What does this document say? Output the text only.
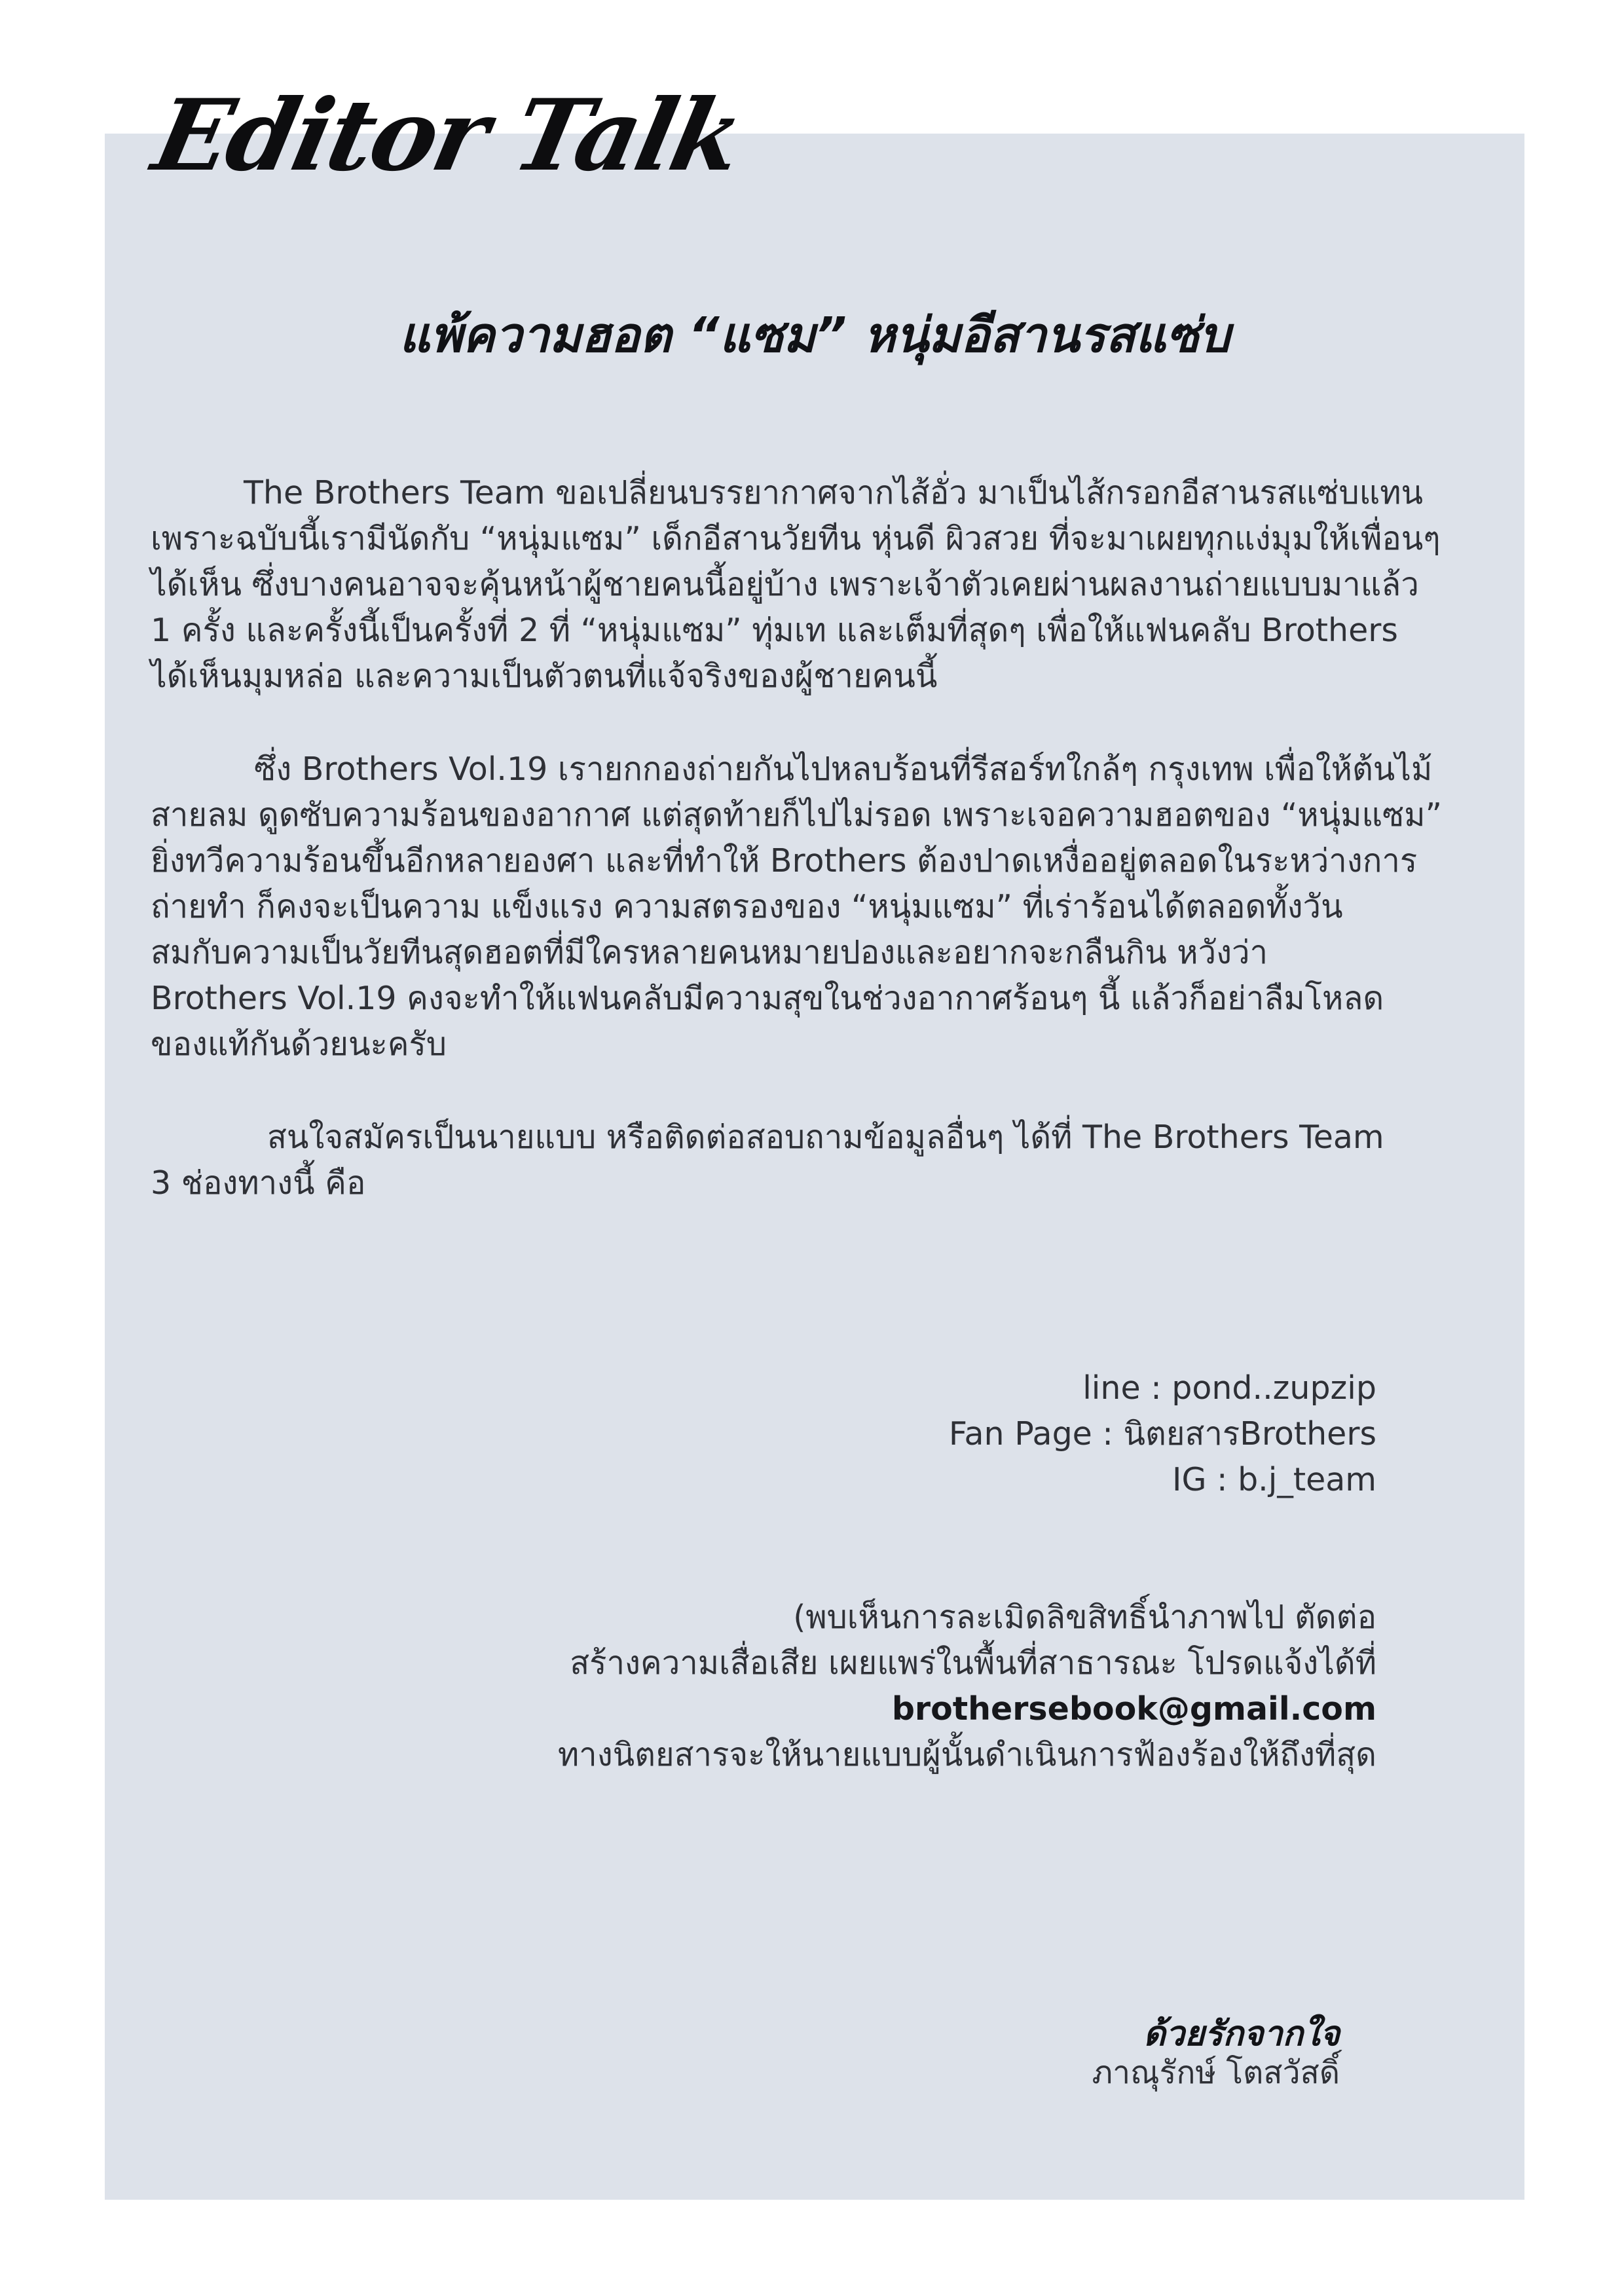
Editor Talk
แพ้ความฮอต “แซม” หนุ่มอีสานรสแซ่บ
The Brothers Team ขอเปลี่ยนบรรยากาศจากไส้อั่ว มาเป็นไส้กรอกอีสานรสแซ่บแทน
เพราะฉบับนี้เรามีนัดกับ “หนุ่มแซม” เด็กอีสานวัยทีน หุ่นดี ผิวสวย ที่จะมาเผยทุกแง่มุมให้เพื่อนๆ
ได้เห็น ซึ่งบางคนอาจจะคุ้นหน้าผู้ชายคนนี้อยู่บ้าง เพราะเจ้าตัวเคยผ่านผลงานถ่ายแบบมาแล้ว
1 ครั้ง และครั้งนี้เป็นครั้งที่ 2 ที่ “หนุ่มแซม” ทุ่มเท และเต็มที่สุดๆ เพื่อให้แฟนคลับ Brothers
ได้เห็นมุมหล่อ และความเป็นตัวตนที่แจ้จริงของผู้ชายคนนี้
ซึ่ง Brothers Vol.19 เรายกกองถ่ายกันไปหลบร้อนที่รีสอร์ทใกล้ๆ กรุงเทพ เพื่อให้ต้นไม้
สายลม ดูดซับความร้อนของอากาศ แต่สุดท้ายก็ไปไม่รอด เพราะเจอความฮอตของ “หนุ่มแซม”
ยิ่งทวีความร้อนขึ้นอีกหลายองศา และที่ทำให้ Brothers ต้องปาดเหงื่ออยู่ตลอดในระหว่างการ
ถ่ายทำ ก็คงจะเป็นความ แข็งแรง ความสตรองของ “หนุ่มแซม” ที่เร่าร้อนได้ตลอดทั้งวัน
สมกับความเป็นวัยทีนสุดฮอตที่มีใครหลายคนหมายปองและอยากจะกลืนกิน หวังว่า
Brothers Vol.19 คงจะทำให้แฟนคลับมีความสุขในช่วงอากาศร้อนๆ นี้ แล้วก็อย่าลืมโหลด
ของแท้กันด้วยนะครับ
สนใจสมัครเป็นนายแบบ หรือติดต่อสอบถามข้อมูลอื่นๆ ได้ที่ The Brothers Team
3 ช่องทางนี้ คือ
line : pond..zupzip
Fan Page : นิตยสารBrothers
IG : b.j_team
(พบเห็นการละเมิดลิขสิทธิ์นำภาพไป ตัดต่อ
สร้างความเสื่อเสีย เผยแพร่ในพื้นที่สาธารณะ โปรดแจ้งได้ที่
brothersebook@gmail.com
ทางนิตยสารจะให้นายแบบผู้นั้นดำเนินการฟ้องร้องให้ถึงที่สุด
ด้วยรักจากใจ
ภาณุรักษ์ โตสวัสดิ์
